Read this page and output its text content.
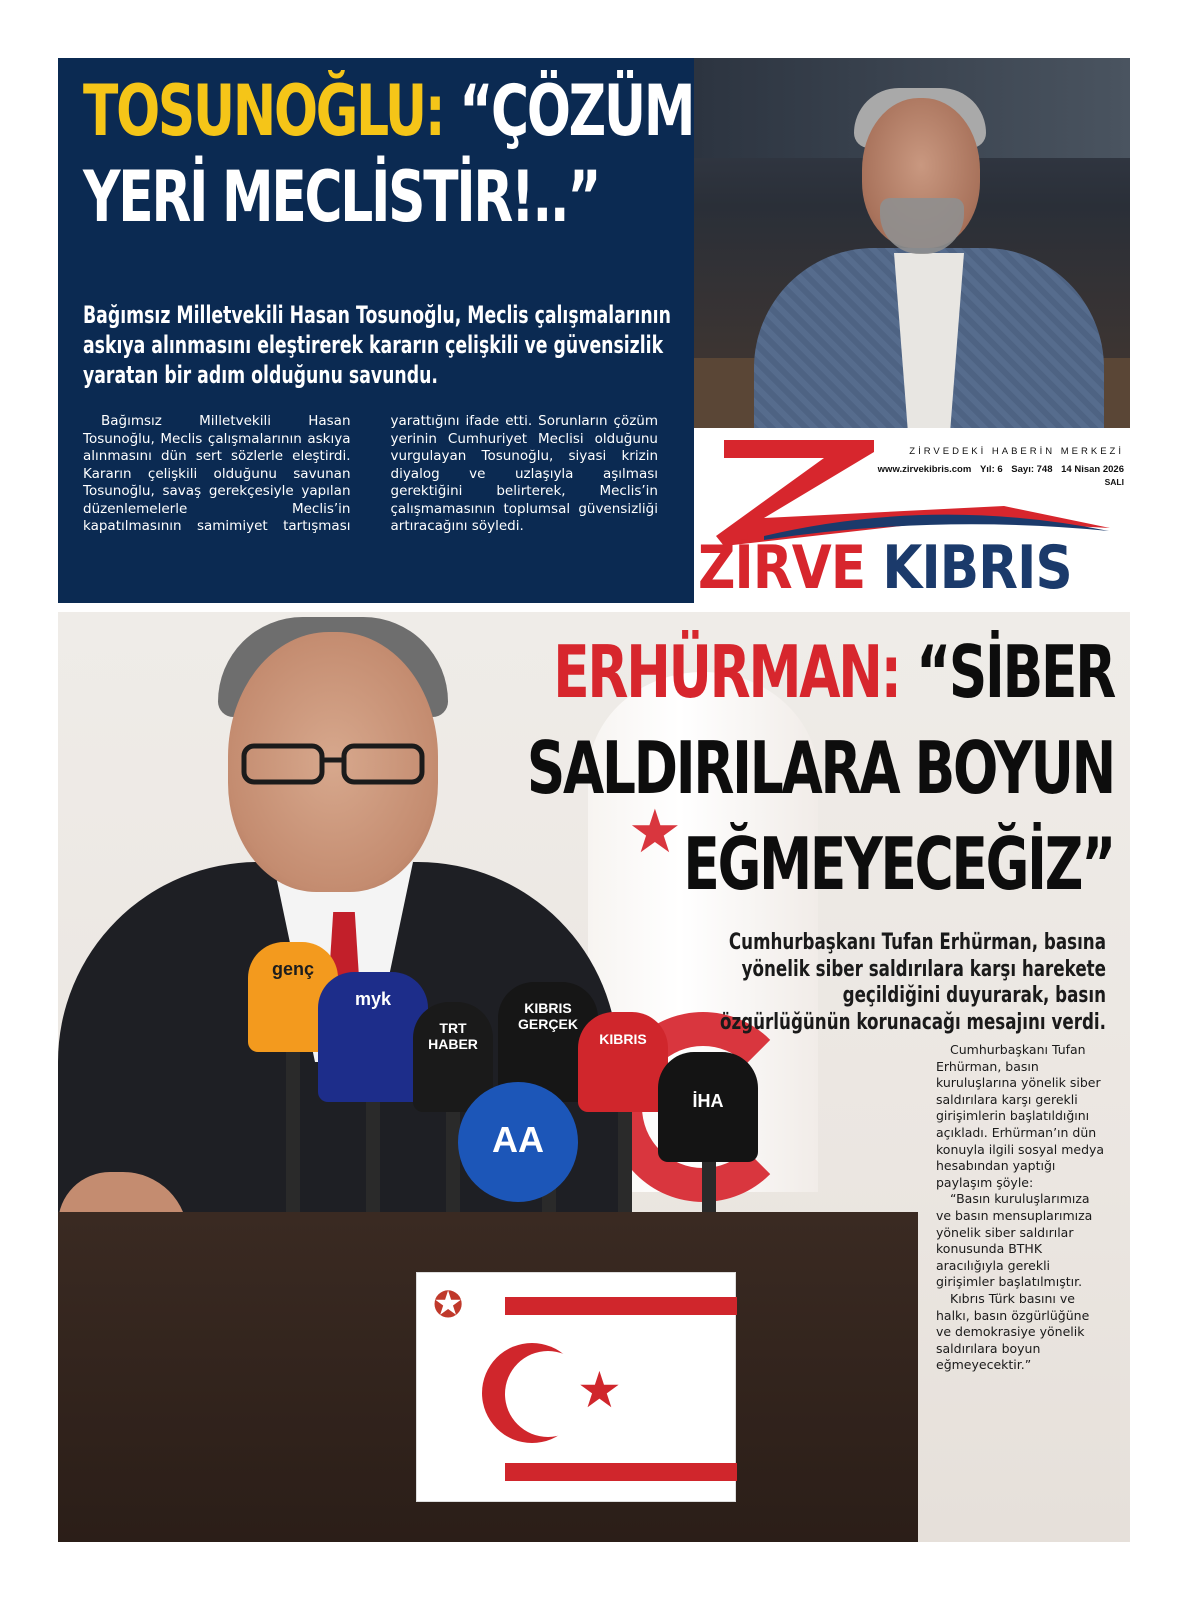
TOSUNOĞLU: “ÇÖZÜM YERİ MECLİSTİR!..”

Bağımsız Milletvekili Hasan Tosunoğlu, Meclis çalışmalarının askıya alınmasını eleştirerek kararın çelişkili ve güvensizlik yaratan bir adım olduğunu savundu.

Bağımsız Milletvekili Hasan Tosunoğlu, Meclis çalışmalarının askıya alınmasını dün sert sözlerle eleştirdi. Kararın çelişkili olduğunu savunan Tosunoğlu, savaş gerekçesiyle yapılan düzenlemelerle Meclis’in kapatılmasının samimiyet tartışması yarattığını ifade etti. Sorunların çözüm yerinin Cumhuriyet Meclisi olduğunu vurgulayan Tosunoğlu, siyasi krizin diyalog ve uzlaşıyla aşılması gerektiğini belirterek, Meclis’in çalışmamasının toplumsal güvensizliği artıracağını söyledi.

ZİRVEDEKİ HABERİN MERKEZİ
www.zirvekibris.com Yıl: 6 Sayı: 748 14 Nisan 2026
SALI
ZİRVE KIBRIS
★
genç
myk
TRT HABER
KIBRIS GERÇEK
KIBRIS
AA
İHA
✪
★
ERHÜRMAN: “SİBER SALDIRILARA BOYUN EĞMEYECEĞİZ”

Cumhurbaşkanı Tufan Erhürman, basına yönelik siber saldırılara karşı harekete geçildiğini duyurarak, basın özgürlüğünün korunacağı mesajını verdi.

Cumhurbaşkanı Tufan Erhürman, basın kuruluşlarına yönelik siber saldırılara karşı gerekli girişimlerin başlatıldığını açıkladı. Erhürman’ın dün konuyla ilgili sosyal medya hesabından yaptığı paylaşım şöyle:

“Basın kuruluşlarımıza ve basın mensuplarımıza yönelik siber saldırılar konusunda BTHK aracılığıyla gerekli girişimler başlatılmıştır.

Kıbrıs Türk basını ve halkı, basın özgürlüğüne ve demokrasiye yönelik saldırılara boyun eğmeyecektir.”
